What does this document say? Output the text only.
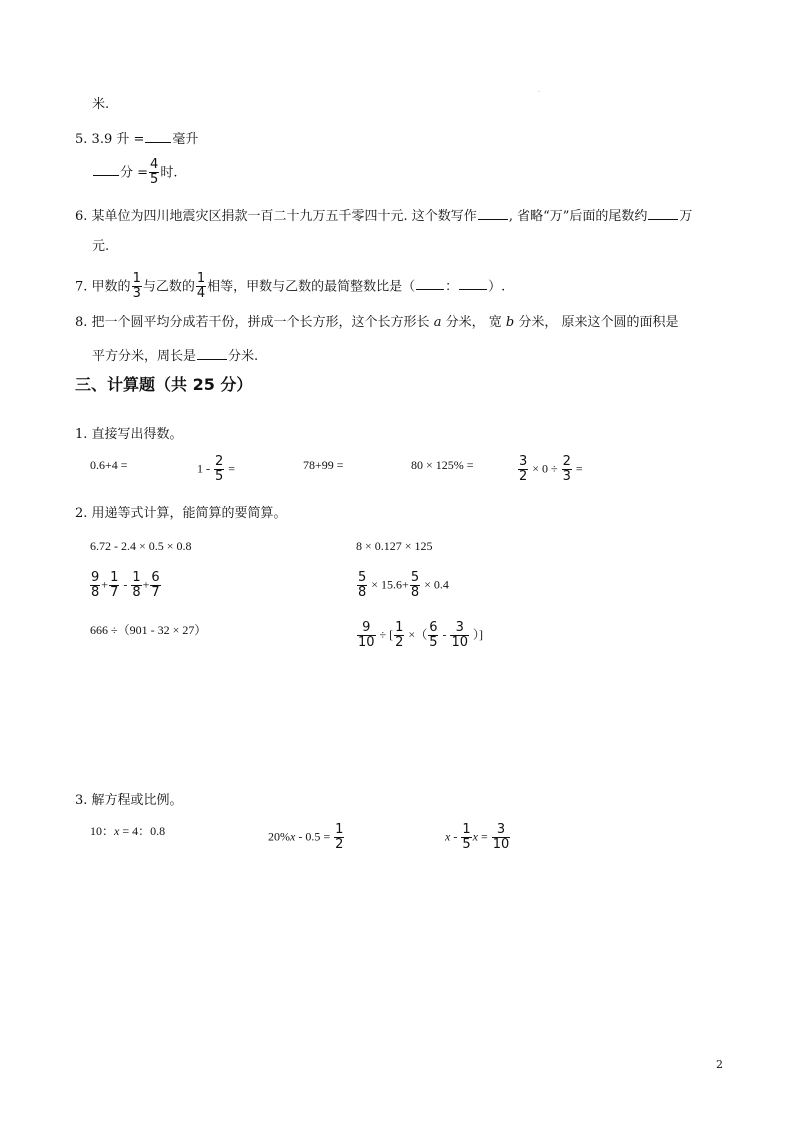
米.
·
5. 3.9 升 = 毫升
分 = $\frac{4}{5}$ 时.
6. 某单位为四川地震灾区捐款一百二十九万五千零四十元. 这个数写作 , 省略“万”后面的尾数约 万
元.
7. 甲数的 $\frac{1}{3}$ 与乙数的 $\frac{1}{4}$ 相等，甲数与乙数的最简整数比是（ ： ）.
8. 把一个圆平均分成若干份，拼成一个长方形，这个长方形长 a 分米， 宽 b 分米， 原来这个圆的面积是
平方分米，周长是 分米.
三、计算题（共 25 分）
1. 直接写出得数。
0.6+4 =	$1 - \frac{2}{5}$ =	78+99 =	80 × 125% =	$\frac{3}{2} \times 0 \div \frac{2}{3}$ =
2. 用递等式计算，能简算的要简算。
6.72 - 2.4 × 0.5 × 0.8	8 × 0.127 × 125
$\frac{9}{8} + \frac{1}{7} - \frac{1}{8} + \frac{6}{7}$	$\frac{5}{8} \times 15.6+ \frac{5}{8} \times 0.4$
666 ÷（901 - 32 × 27）	$\frac{9}{10}$ ÷ [ $\frac{1}{2}$ ×（ $\frac{6}{5} - \frac{3}{10}$ ）]
3. 解方程或比例。
10：x = 4：0.8	$20\%x - 0.5 = \frac{1}{2}$	x - $\frac{1}{5}$ $x = \frac{3}{10}$
2
